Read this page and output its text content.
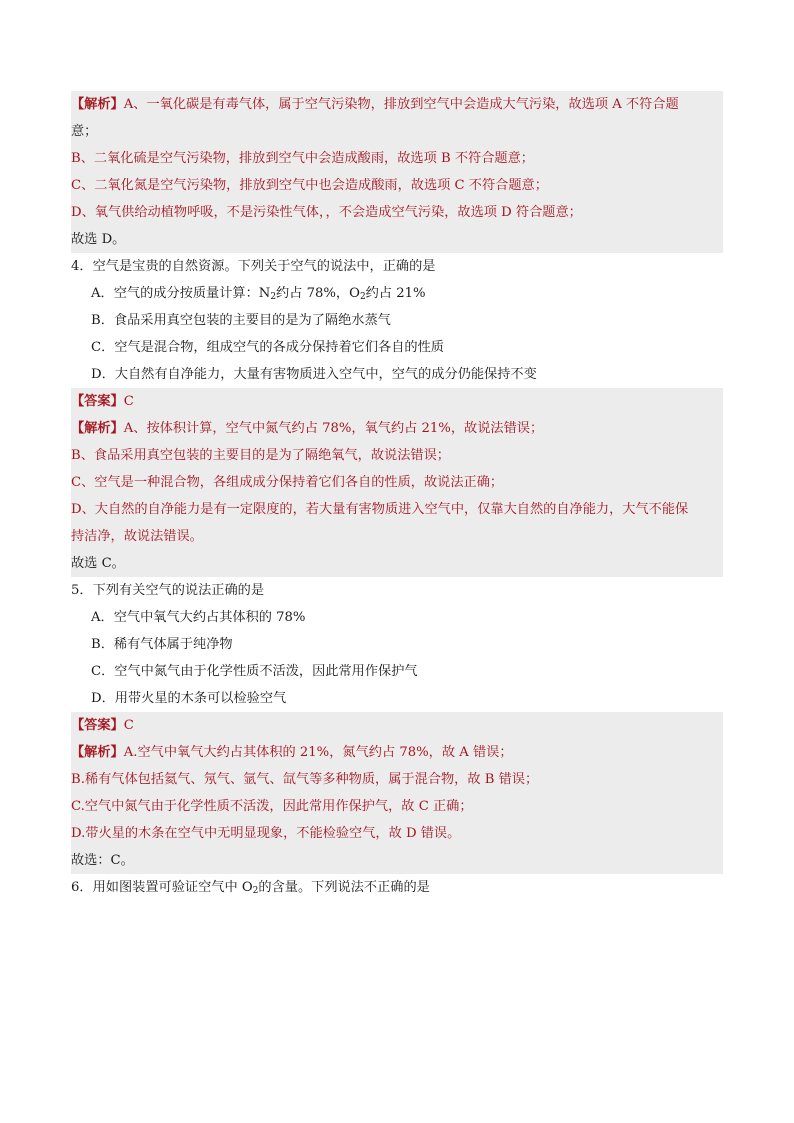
【解析】A、一氧化碳是有毒气体，属于空气污染物，排放到空气中会造成大气污染，故选项 A 不符合题
意；
B、二氧化硫是空气污染物，排放到空气中会造成酸雨，故选项 B 不符合题意；
C、二氧化氮是空气污染物，排放到空气中也会造成酸雨，故选项 C 不符合题意；
D、氧气供给动植物呼吸，不是污染性气体，，不会造成空气污染，故选项 D 符合题意；
故选 D。
4．空气是宝贵的自然资源。下列关于空气的说法中，正确的是
A．空气的成分按质量计算：$N_2$约占 78%，$O_2$约占 21%
B．食品采用真空包装的主要目的是为了隔绝水蒸气
C．空气是混合物，组成空气的各成分保持着它们各自的性质
D．大自然有自净能力，大量有害物质进入空气中，空气的成分仍能保持不变
【答案】C
【解析】A、按体积计算，空气中氮气约占 78%，氧气约占 21%，故说法错误；
B、食品采用真空包装的主要目的是为了隔绝氧气，故说法错误；
C、空气是一种混合物，各组成成分保持着它们各自的性质，故说法正确；
D、大自然的自净能力是有一定限度的，若大量有害物质进入空气中，仅靠大自然的自净能力，大气不能保
持洁净，故说法错误。
故选 C。
5．下列有关空气的说法正确的是
A．空气中氧气大约占其体积的 78%
B．稀有气体属于纯净物
C．空气中氮气由于化学性质不活泼，因此常用作保护气
D．用带火星的木条可以检验空气
【答案】C
【解析】A.空气中氧气大约占其体积的 21%，氮气约占 78%，故 A 错误；
B.稀有气体包括氦气、氖气、氩气、氙气等多种物质，属于混合物，故 B 错误；
C.空气中氮气由于化学性质不活泼，因此常用作保护气，故 C 正确；
D.带火星的木条在空气中无明显现象，不能检验空气，故 D 错误。
故选：C。
6．用如图装置可验证空气中 $O_2$的含量。下列说法不正确的是
